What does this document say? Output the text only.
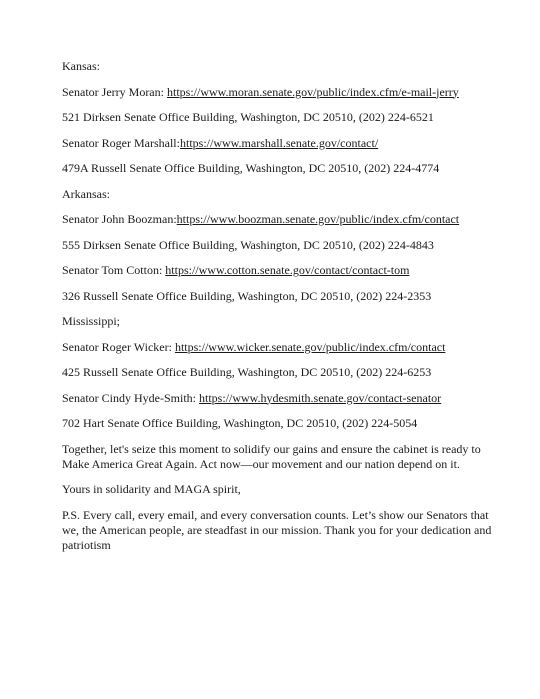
Kansas:

Senator Jerry Moran: https://www.moran.senate.gov/public/index.cfm/e-mail-jerry

521 Dirksen Senate Office Building, Washington, DC 20510, (202) 224-6521

Senator Roger Marshall:https://www.marshall.senate.gov/contact/

479A Russell Senate Office Building, Washington, DC 20510, (202) 224-4774

Arkansas:

Senator John Boozman:https://www.boozman.senate.gov/public/index.cfm/contact

555 Dirksen Senate Office Building, Washington, DC 20510, (202) 224-4843

Senator Tom Cotton: https://www.cotton.senate.gov/contact/contact-tom

326 Russell Senate Office Building, Washington, DC 20510, (202) 224-2353

Mississippi;

Senator Roger Wicker: https://www.wicker.senate.gov/public/index.cfm/contact

425 Russell Senate Office Building, Washington, DC 20510, (202) 224-6253

Senator Cindy Hyde-Smith: https://www.hydesmith.senate.gov/contact-senator

702 Hart Senate Office Building, Washington, DC 20510, (202) 224-5054

Together, let's seize this moment to solidify our gains and ensure the cabinet is ready to Make America Great Again. Act now—our movement and our nation depend on it.

Yours in solidarity and MAGA spirit,

P.S. Every call, every email, and every conversation counts. Let’s show our Senators that we, the American people, are steadfast in our mission. Thank you for your dedication and patriotism
